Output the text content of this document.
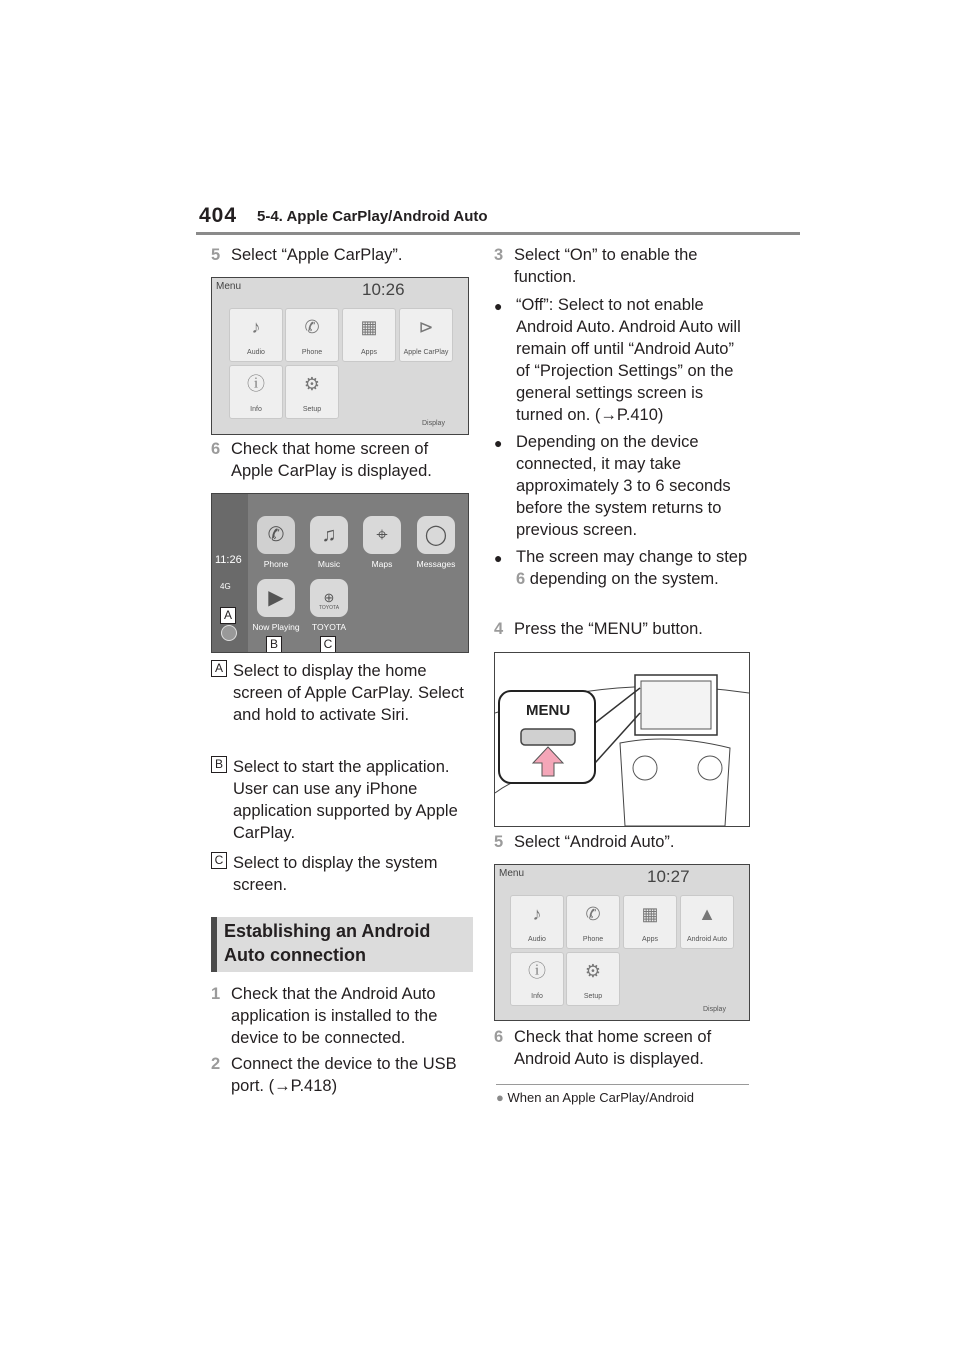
404 5-4. Apple CarPlay/Android Auto
5 Select “Apple CarPlay”.
Menu	10:26
♪
Audio
✆
Phone
▦
Apps
⊳
Apple CarPlay
ⓘ
Info
⚙
Setup
Display
6 Check that home screen of Apple CarPlay is displayed.
11:26
4G
✆
Phone
♫
Music
⌖
Maps
◯
Messages
▶
Now Playing
⊕
TOYOTA
TOYOTA
A
B	C
A Select to display the home screen of Apple CarPlay. Select and hold to activate Siri.
B Select to start the application. User can use any iPhone application supported by Apple CarPlay.
C Select to display the system screen.
Establishing an Android
Auto connection
1 Check that the Android Auto application is installed to the device to be connected.
2 Connect the device to the USB port. (→P.418)
3 Select “On” to enable the function.
● “Off”: Select to not enable Android Auto. Android Auto will remain off until “Android Auto” of “Projection Settings” on the general settings screen is turned on. (→P.410)
● Depending on the device connected, it may take approximately 3 to 6 seconds before the system returns to previous screen.
● The screen may change to step 6 depending on the system.
4 Press the “MENU” button.
MENU
5 Select “Android Auto”.
Menu	10:27
♪
Audio
✆
Phone
▦
Apps
▲
Android Auto
ⓘ
Info
⚙
Setup
Display
6 Check that home screen of Android Auto is displayed.
● When an Apple CarPlay/Android
